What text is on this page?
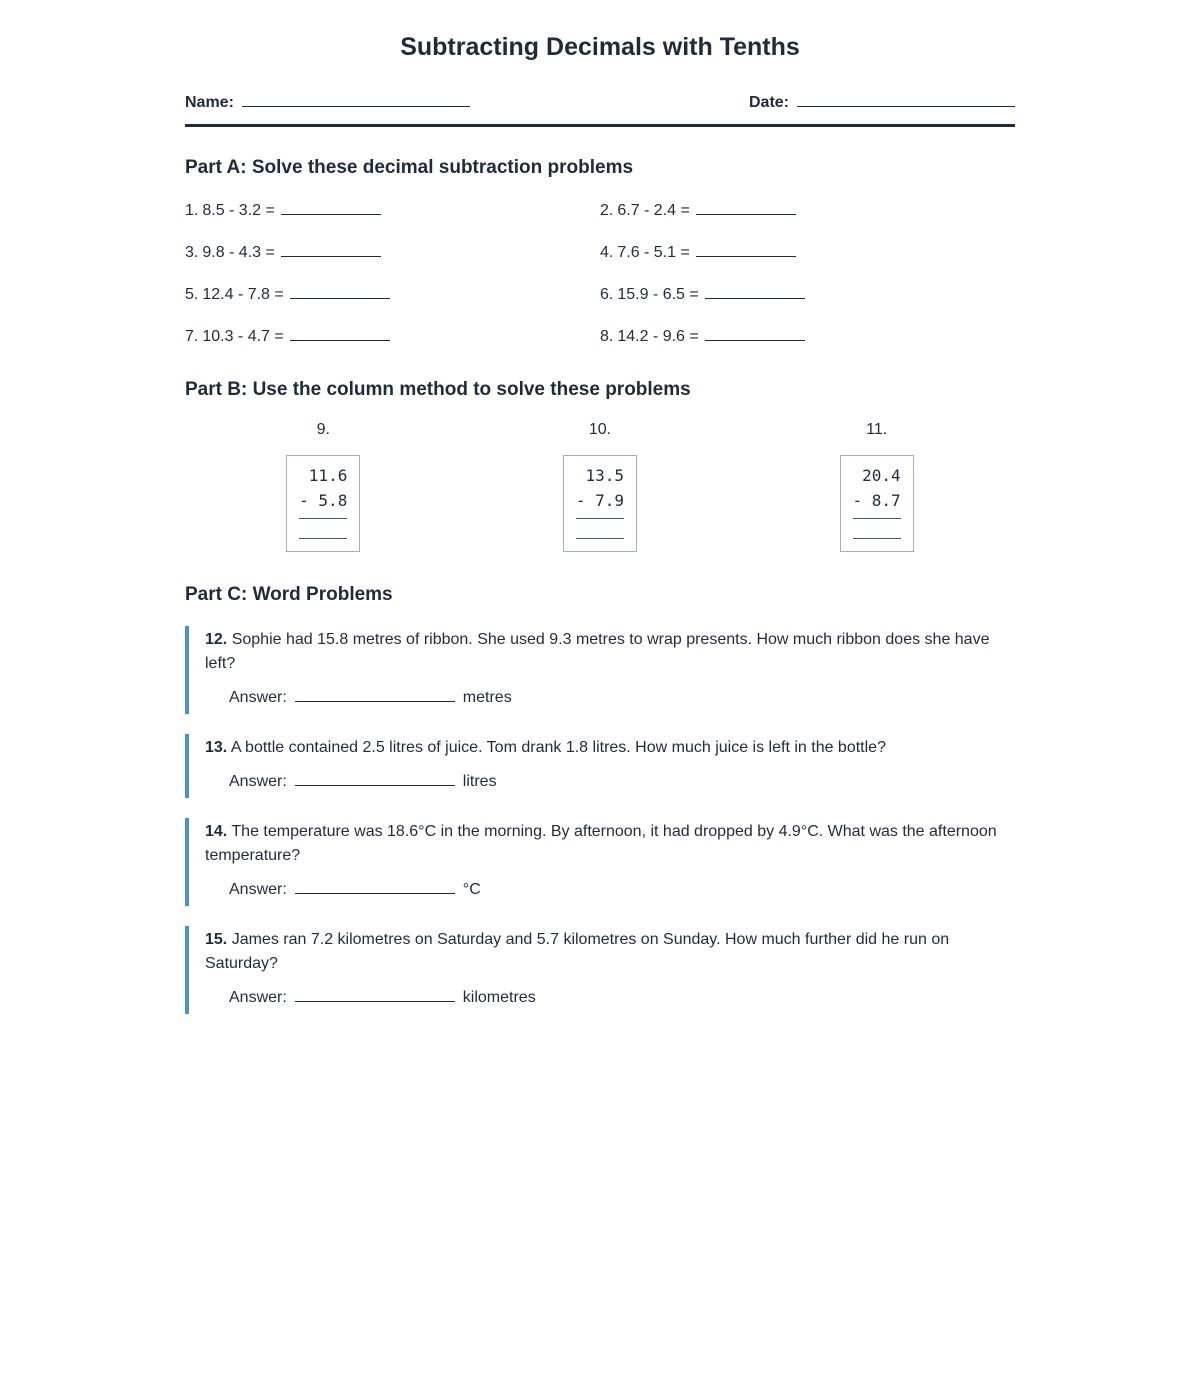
Subtracting Decimals with Tenths
Name:	Date:
Part A: Solve these decimal subtraction problems
1. 8.5 - 3.2 =	2. 6.7 - 2.4 =
3. 9.8 - 4.3 =	4. 7.6 - 5.1 =
5. 12.4 - 7.8 =	6. 15.9 - 6.5 =
7. 10.3 - 4.7 =	8. 14.2 - 9.6 =
Part B: Use the column method to solve these problems
9.
11.6
- 5.8
10.
13.5
- 7.9
11.
20.4
- 8.7
Part C: Word Problems
12. Sophie had 15.8 metres of ribbon. She used 9.3 metres to wrap presents. How much ribbon does she have left?
Answer:	metres
13. A bottle contained 2.5 litres of juice. Tom drank 1.8 litres. How much juice is left in the bottle?
Answer:	litres
14. The temperature was 18.6°C in the morning. By afternoon, it had dropped by 4.9°C. What was the afternoon temperature?
Answer:	°C
15. James ran 7.2 kilometres on Saturday and 5.7 kilometres on Sunday. How much further did he run on Saturday?
Answer:	kilometres
